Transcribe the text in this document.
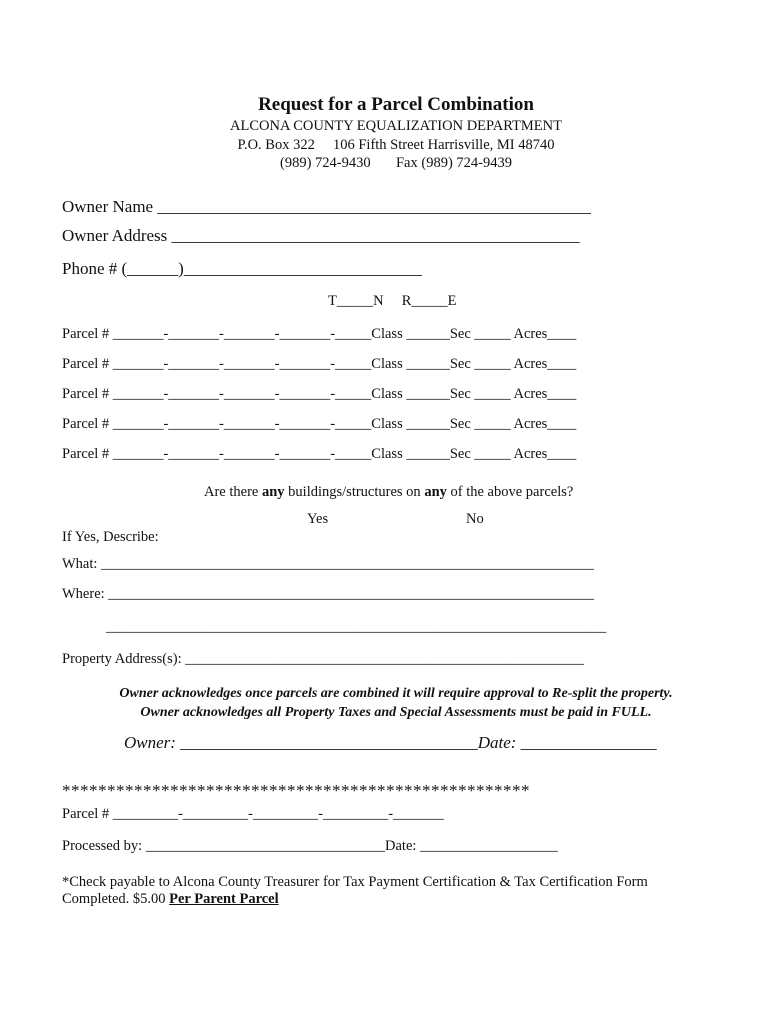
Request for a Parcel Combination
ALCONA COUNTY EQUALIZATION DEPARTMENT
P.O. Box 322     106 Fifth Street Harrisville, MI 48740
(989) 724-9430       Fax (989) 724-9439
Owner Name ___________________________________________________
Owner Address ________________________________________________
Phone # (______)____________________________
T_____N     R_____E
Parcel # _______-_______-_______-_______-_____Class ______Sec _____ Acres____
Parcel # _______-_______-_______-_______-_____Class ______Sec _____ Acres____
Parcel # _______-_______-_______-_______-_____Class ______Sec _____ Acres____
Parcel # _______-_______-_______-_______-_____Class ______Sec _____ Acres____
Parcel # _______-_______-_______-_______-_____Class ______Sec _____ Acres____
Are there any buildings/structures on any of the above parcels?
Yes	No
If Yes, Describe:
What: ____________________________________________________________________
Where: ___________________________________________________________________
_____________________________________________________________________
Property Address(s): _______________________________________________________
Owner acknowledges once parcels are combined it will require approval to Re-split the property.
Owner acknowledges all Property Taxes and Special Assessments must be paid in FULL.
Owner: ___________________________________Date: ________________
****************************************************
Parcel # _________-_________-_________-_________-_______
Processed by: _________________________________Date: ___________________
*Check payable to Alcona County Treasurer for Tax Payment Certification & Tax Certification Form
Completed. $5.00 Per Parent Parcel
